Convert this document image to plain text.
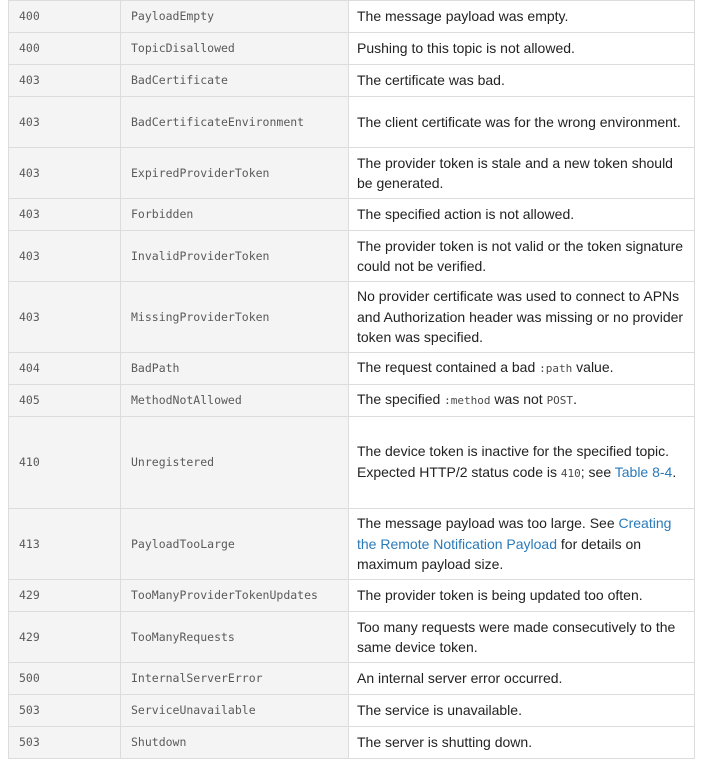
400	PayloadEmpty	The message payload was empty.
400	TopicDisallowed	Pushing to this topic is not allowed.
403	BadCertificate	The certificate was bad.
403	BadCertificateEnvironment	The client certificate was for the wrong environment.
403	ExpiredProviderToken	The provider token is stale and a new token should be generated.
403	Forbidden	The specified action is not allowed.
403	InvalidProviderToken	The provider token is not valid or the token signature could not be verified.
403	MissingProviderToken	No provider certificate was used to connect to APNs and Authorization header was missing or no provider token was specified.
404	BadPath	The request contained a bad :path value.
405	MethodNotAllowed	The specified :method was not POST.
410	Unregistered	The device token is inactive for the specified topic.
Expected HTTP/2 status code is 410; see Table 8-4.
413	PayloadTooLarge	The message payload was too large. See Creating the Remote Notification Payload for details on maximum payload size.
429	TooManyProviderTokenUpdates	The provider token is being updated too often.
429	TooManyRequests	Too many requests were made consecutively to the same device token.
500	InternalServerError	An internal server error occurred.
503	ServiceUnavailable	The service is unavailable.
503	Shutdown	The server is shutting down.
